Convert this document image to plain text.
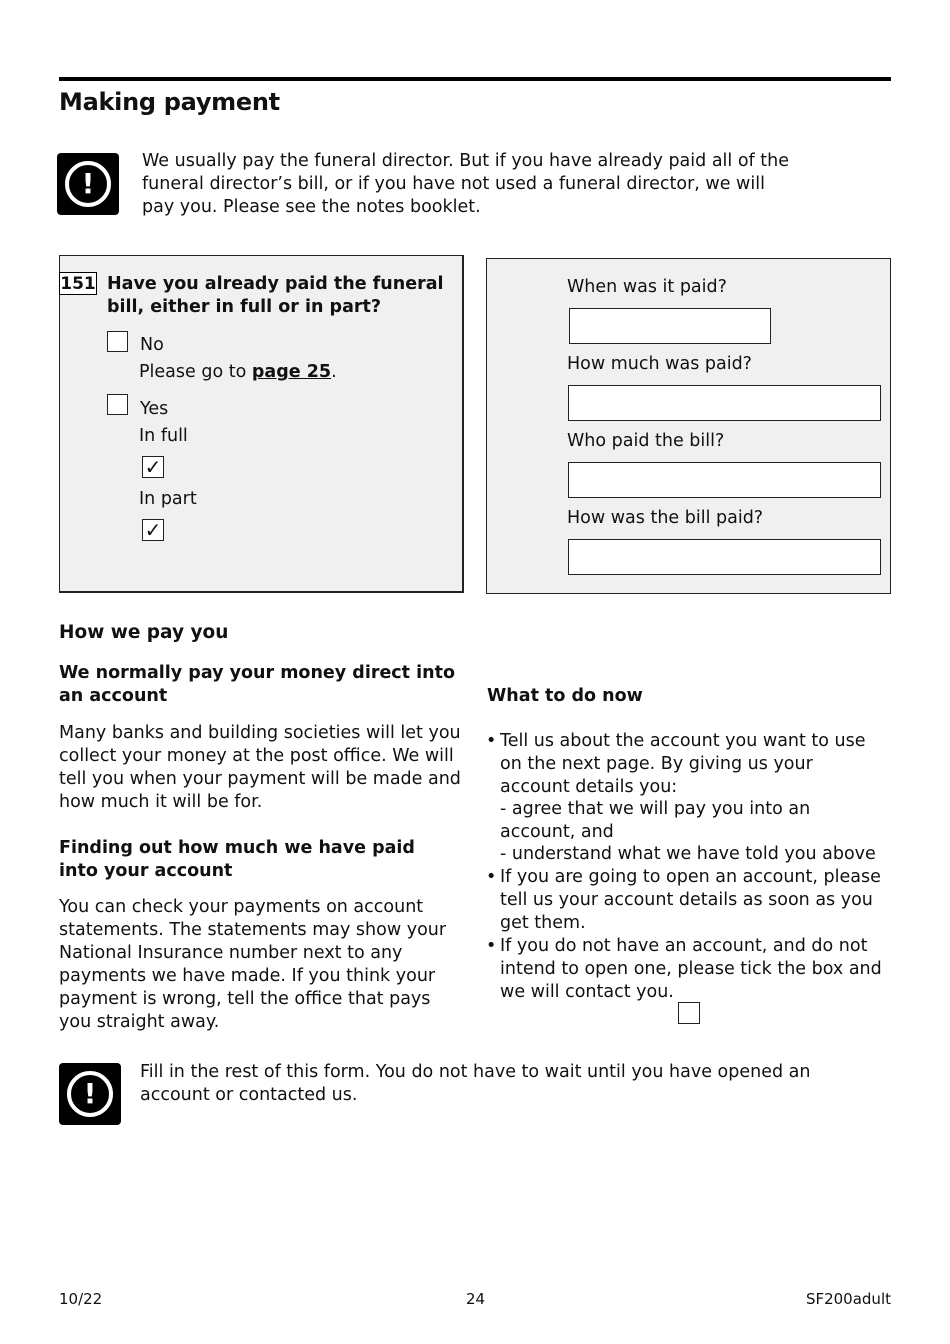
Making payment
!
We usually pay the funeral director. But if you have already paid all of the funeral director’s bill, or if you have not used a funeral director, we will pay you. Please see the notes booklet.
151 Have you already paid the funeral bill, either in full or in part?
No
Please go to page 25.
Yes
In full
✓
In part
✓
When was it paid?
How much was paid?
Who paid the bill?
How was the bill paid?
How we pay you
We normally pay your money direct into an account
Many banks and building societies will let you collect your money at the post office. We will tell you when your payment will be made and how much it will be for.
Finding out how much we have paid into your account
You can check your payments on account statements. The statements may show your National Insurance number next to any payments we have made. If you think your payment is wrong, tell the office that pays you straight away.
What to do now
• Tell us about the account you want to use on the next page. By giving us your account details you:
- agree that we will pay you into an account, and
- understand what we have told you above
• If you are going to open an account, please tell us your account details as soon as you get them.
• If you do not have an account, and do not intend to open one, please tick the box and we will contact you.
!
Fill in the rest of this form. You do not have to wait until you have opened an account or contacted us.
10/22	24	SF200adult
